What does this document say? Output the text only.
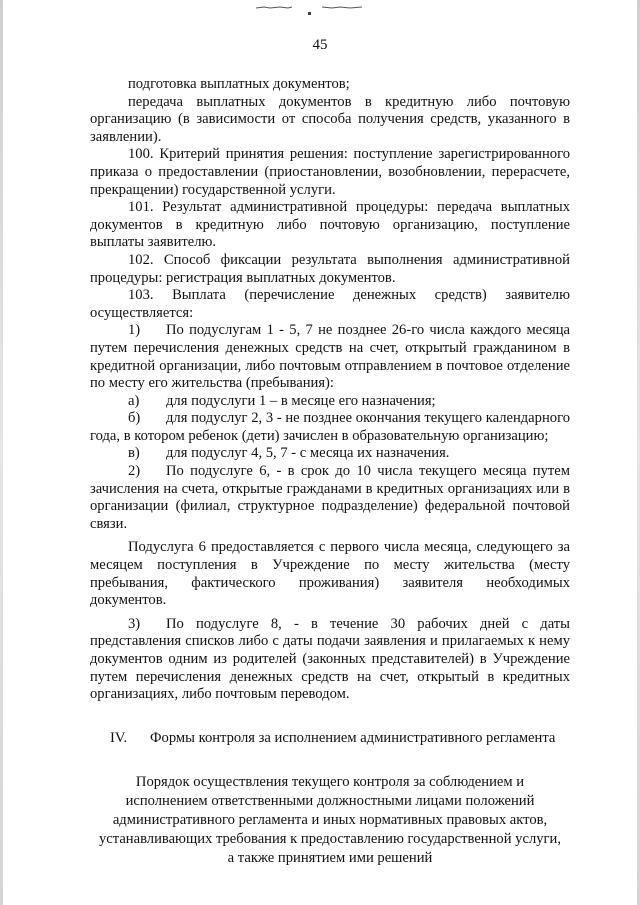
45

подготовка выплатных документов;

передача выплатных документов в кредитную либо почтовую организацию (в зависимости от способа получения средств, указанного в заявлении).

100. Критерий принятия решения: поступление зарегистрированного приказа о предоставлении (приостановлении, возобновлении, перерасчете, прекращении) государственной услуги.

101. Результат административной процедуры: передача выплатных документов в кредитную либо почтовую организацию, поступление выплаты заявителю.

102. Способ фиксации результата выполнения административной процедуры: регистрация выплатных документов.

103. Выплата (перечисление денежных средств) заявителю осуществляется:

1) По подуслугам 1 - 5, 7 не позднее 26-го числа каждого месяца путем перечисления денежных средств на счет, открытый гражданином в кредитной организации, либо почтовым отправлением в почтовое отделение по месту его жительства (пребывания):

а)	для подуслуги 1 – в месяце его назначения;

б) для подуслуг 2, 3 - не позднее окончания текущего календарного года, в котором ребенок (дети) зачислен в образовательную организацию;

в)	для подуслуг 4, 5, 7 - с месяца их назначения.

2) По подуслуге 6, - в срок до 10 числа текущего месяца путем зачисления на счета, открытые гражданами в кредитных организациях или в организации (филиал, структурное подразделение) федеральной почтовой связи.

Подуслуга 6 предоставляется с первого числа месяца, следующего за месяцем поступления в Учреждение по месту жительства (месту пребывания, фактического проживания) заявителя необходимых документов.

3) По подуслуге 8, - в течение 30 рабочих дней с даты представления списков либо с даты подачи заявления и прилагаемых к нему документов одним из родителей (законных представителей) в Учреждение путем перечисления денежных средств на счет, открытый в кредитных организациях, либо почтовым переводом.

IV.	Формы контроля за исполнением административного регламента

Порядок осуществления текущего контроля за соблюдением и

исполнением ответственными должностными лицами положений

административного регламента и иных нормативных правовых актов,

устанавливающих требования к предоставлению государственной услуги,

а также принятием ими решений
